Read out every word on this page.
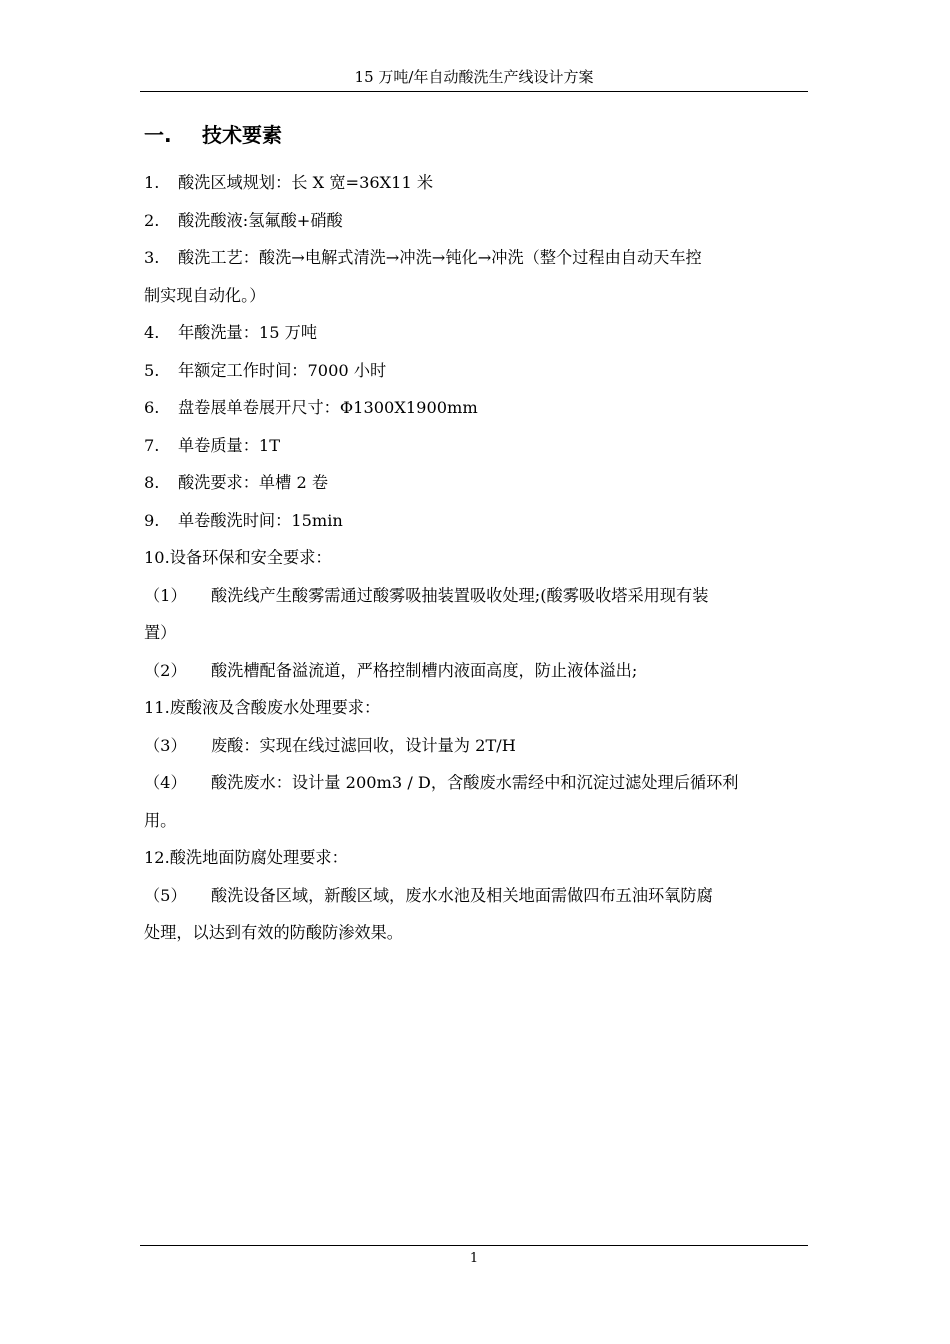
15 万吨/年自动酸洗生产线设计方案
一. 技术要素
1. 酸洗区域规划：长 X 宽=36X11 米
2. 酸洗酸液:氢氟酸+硝酸
3. 酸洗工艺：酸洗→电解式清洗→冲洗→钝化→冲洗（整个过程由自动天车控
制实现自动化。）
4. 年酸洗量：15 万吨
5. 年额定工作时间：7000 小时
6. 盘卷展单卷展开尺寸：Φ1300X1900mm
7. 单卷质量：1T
8. 酸洗要求：单槽 2 卷
9. 单卷酸洗时间：15min
10.设备环保和安全要求：
（1） 酸洗线产生酸雾需通过酸雾吸抽装置吸收处理;(酸雾吸收塔采用现有装
置）
（2） 酸洗槽配备溢流道，严格控制槽内液面高度，防止液体溢出;
11.废酸液及含酸废水处理要求：
（3） 废酸：实现在线过滤回收，设计量为 2T/H
（4） 酸洗废水：设计量 200m3 / D，含酸废水需经中和沉淀过滤处理后循环利
用。
12.酸洗地面防腐处理要求：
（5） 酸洗设备区域，新酸区域，废水水池及相关地面需做四布五油环氧防腐
处理，以达到有效的防酸防渗效果。
1
